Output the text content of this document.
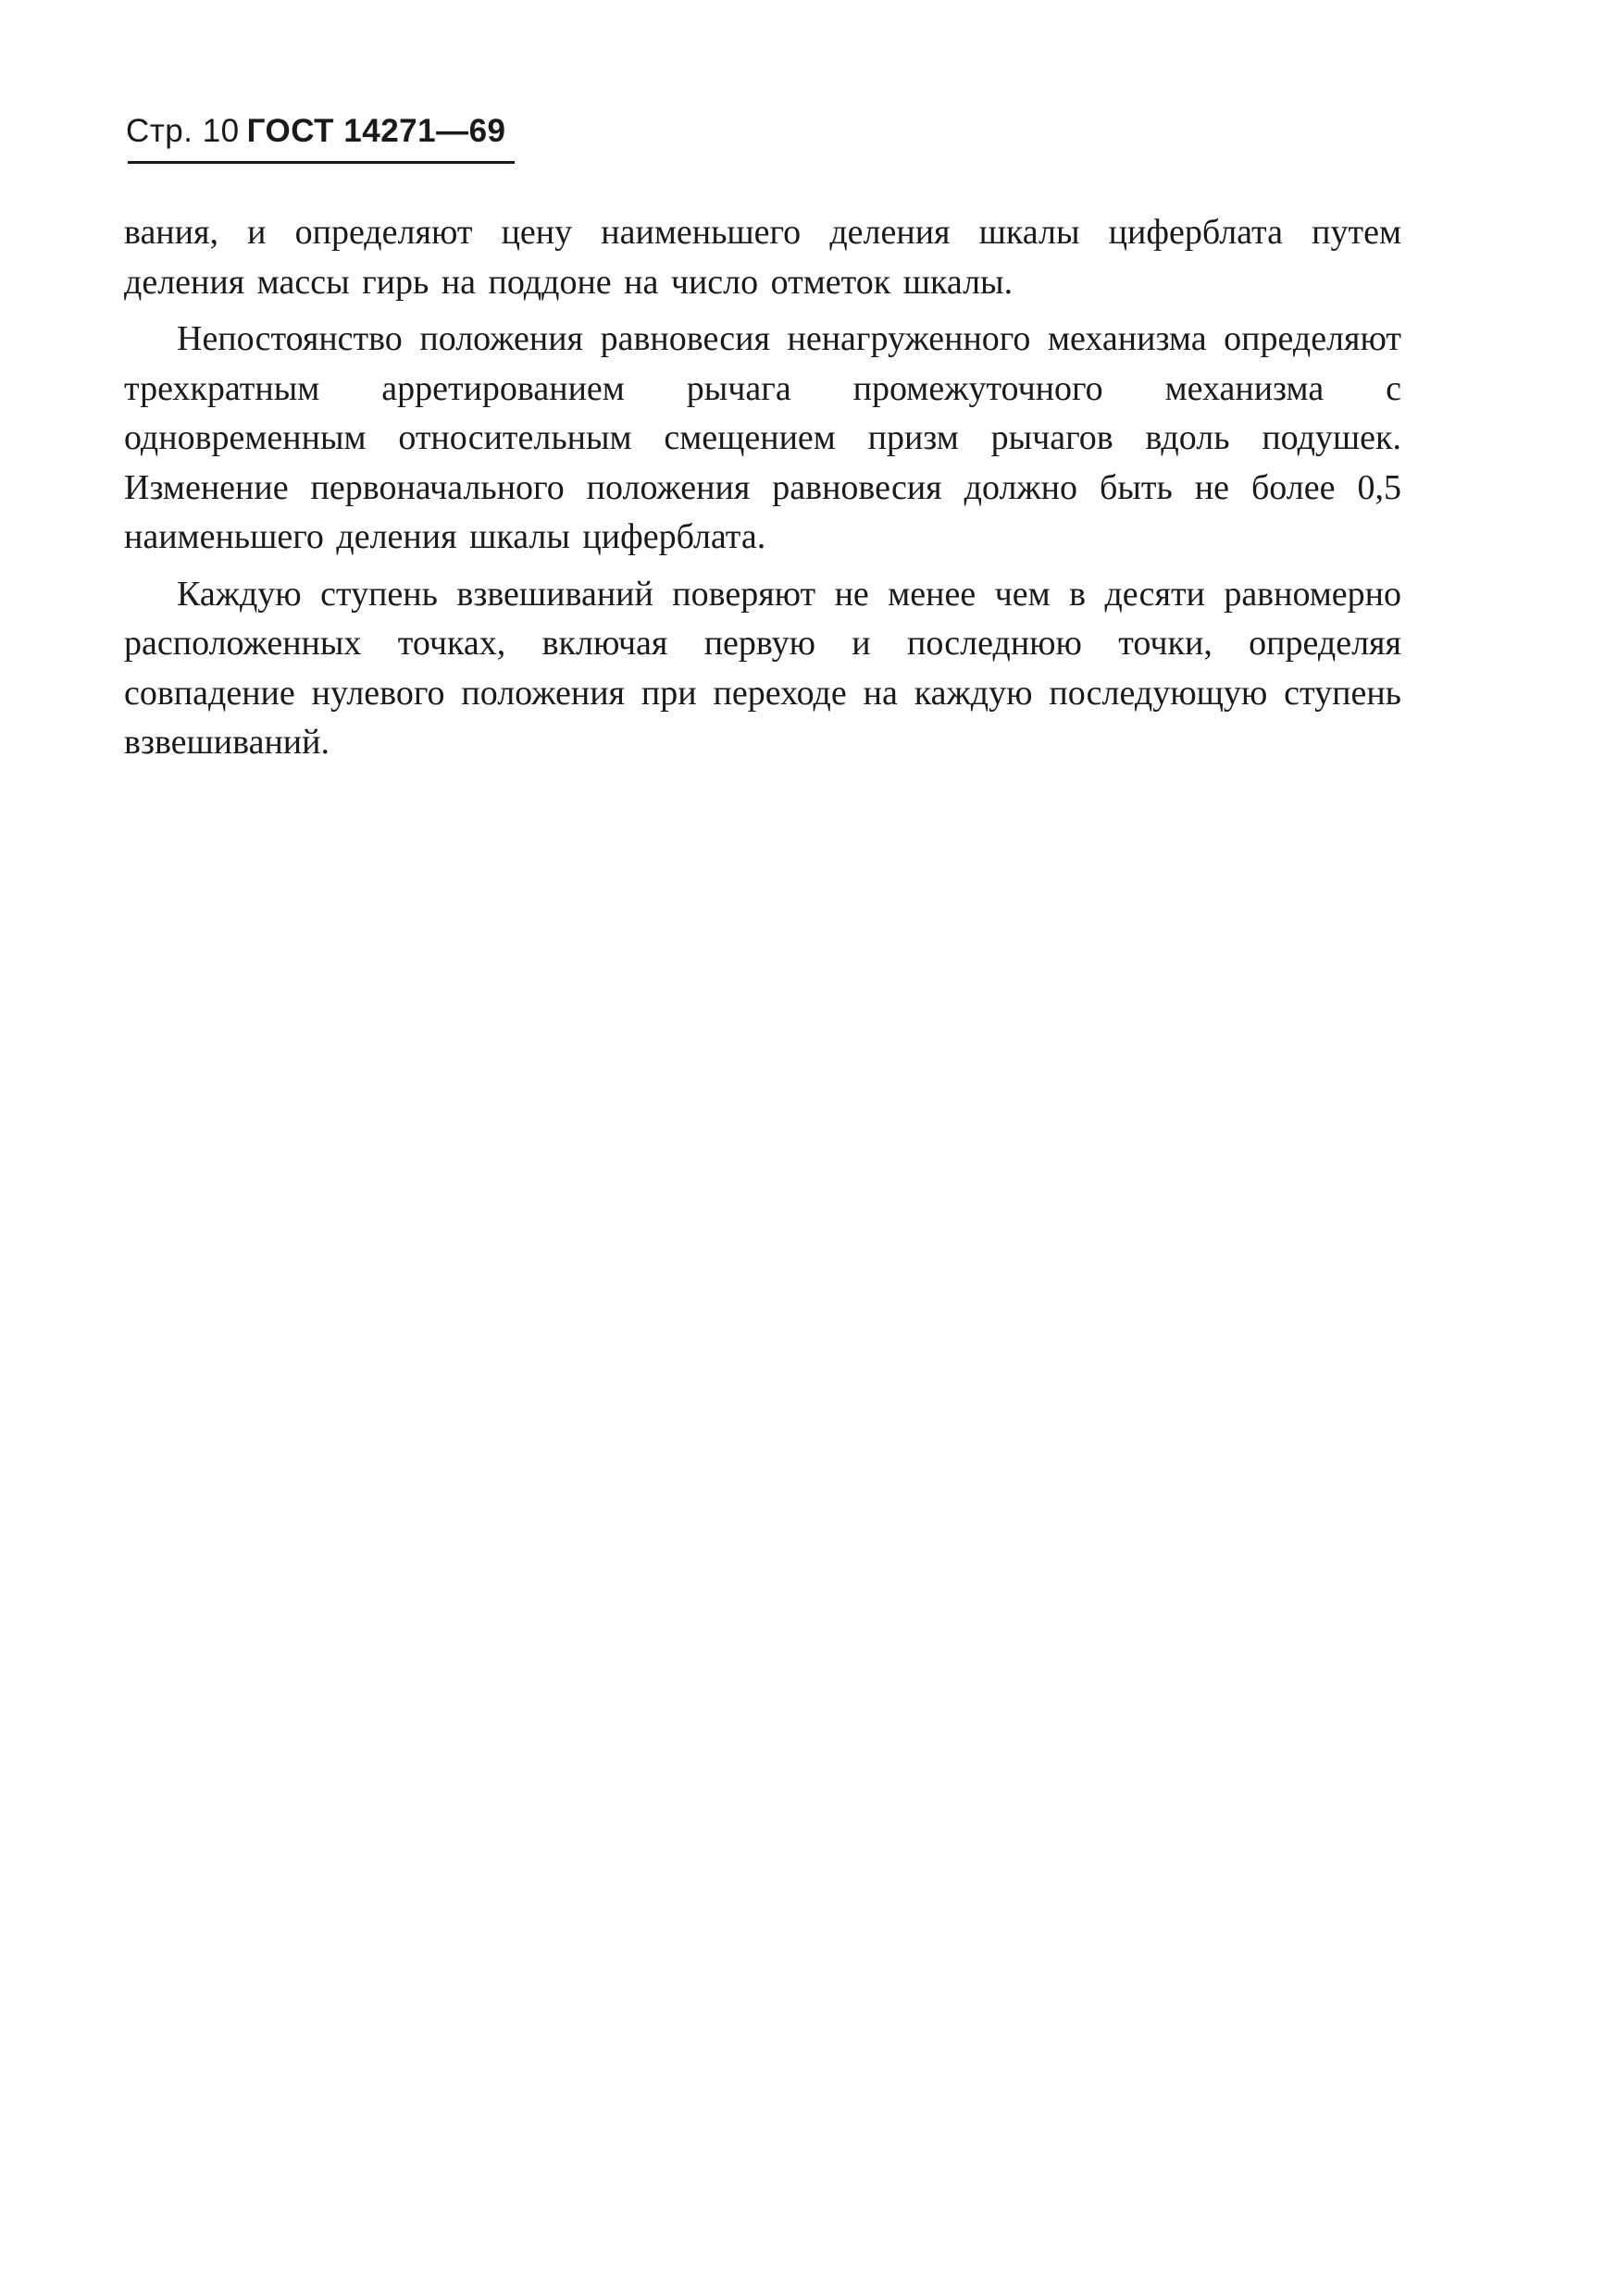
Стр. 10 ГОСТ 14271—69

вания, и определяют цену наименьшего деления шкалы циферблата путем деления массы гирь на поддоне на число отметок шкалы.

Непостоянство положения равновесия ненагруженного механизма определяют трехкратным арретированием рычага промежуточного механизма с одновременным относительным смещением призм рычагов вдоль подушек. Изменение первоначального положения равновесия должно быть не более 0,5 наименьшего деления шкалы циферблата.

Каждую ступень взвешиваний поверяют не менее чем в десяти равномерно расположенных точках, включая первую и последнюю точки, определяя совпадение нулевого положения при переходе на каждую последующую ступень взвешиваний.
